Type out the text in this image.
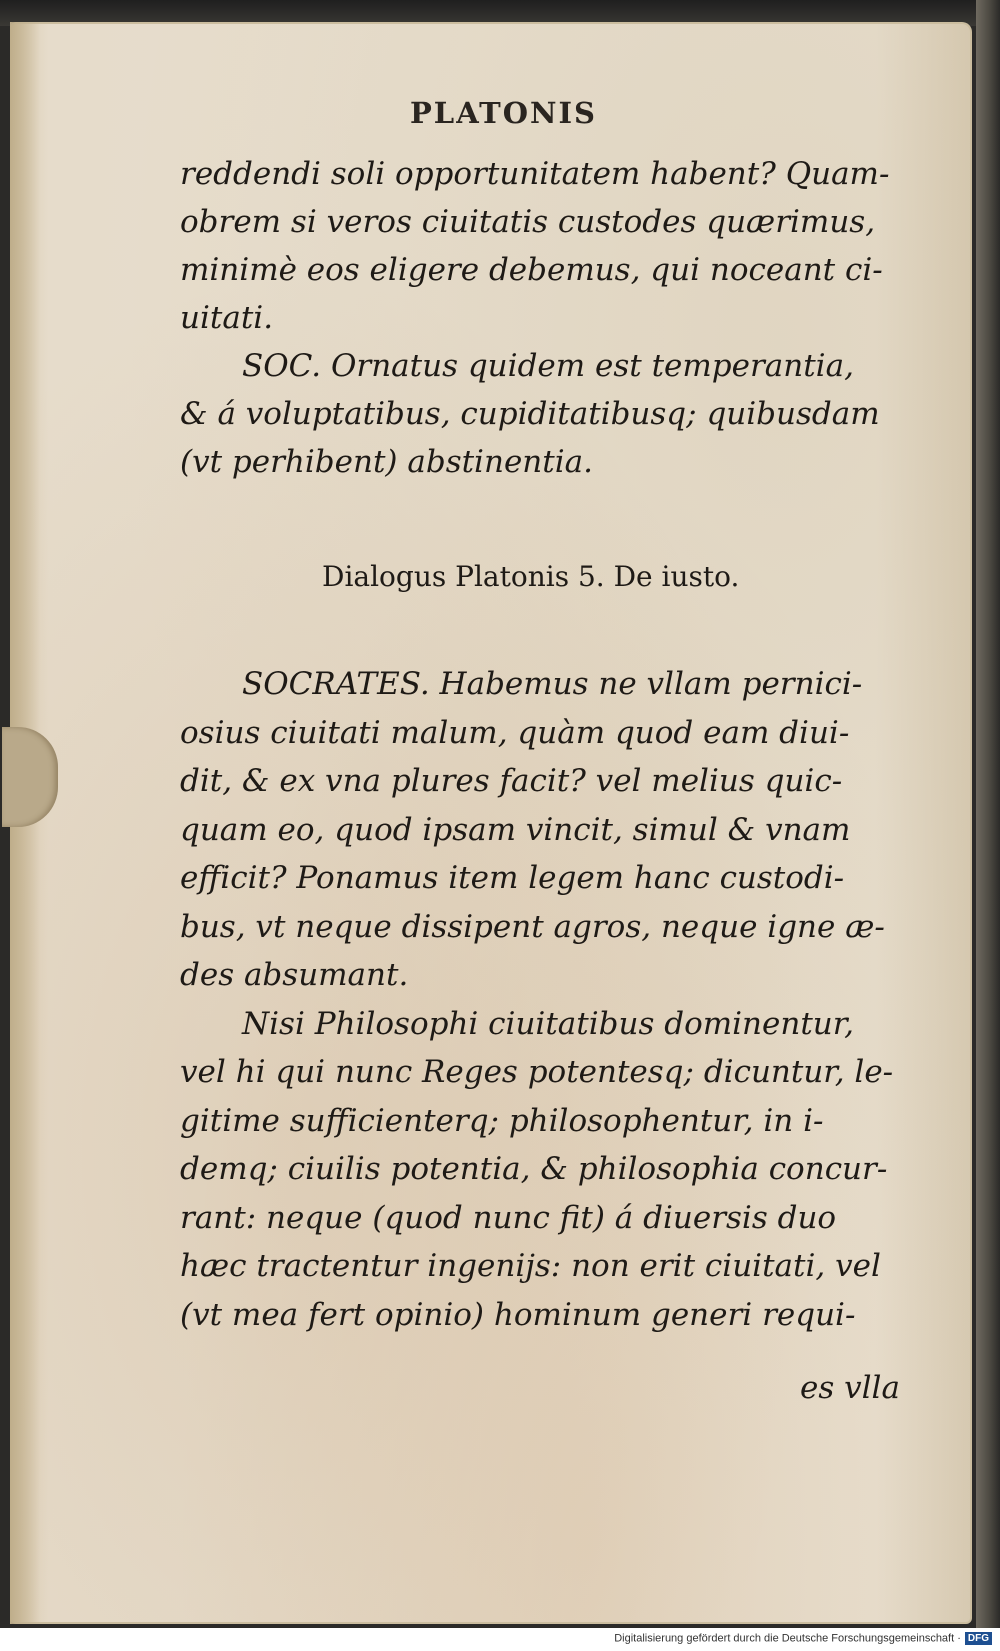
PLATONIS
reddendi soli opportunitatem habent? Quam-
obrem si veros ciuitatis custodes quærimus,
minimè eos eligere debemus, qui noceant ci-
uitati.
SOC. Ornatus quidem est temperantia,
& á voluptatibus, cupiditatibusq; quibusdam
(vt perhibent) abstinentia.
Dialogus Platonis 5. De iusto.
SOCRATES. Habemus ne vllam pernici-
osius ciuitati malum, quàm quod eam diui-
dit, & ex vna plures facit? vel melius quic-
quam eo, quod ipsam vincit, simul & vnam
efficit? Ponamus item legem hanc custodi-
bus, vt neque dissipent agros, neque igne æ-
des absumant.
Nisi Philosophi ciuitatibus dominentur,
vel hi qui nunc Reges potentesq; dicuntur, le-
gitime sufficienterq; philosophentur, in i-
demq; ciuilis potentia, & philosophia concur-
rant: neque (quod nunc fit) á diuersis duo
hæc tractentur ingenijs: non erit ciuitati, vel
(vt mea fert opinio) hominum generi requi-
es vlla
Digitalisierung gefördert durch die Deutsche Forschungsgemeinschaft · DFG
